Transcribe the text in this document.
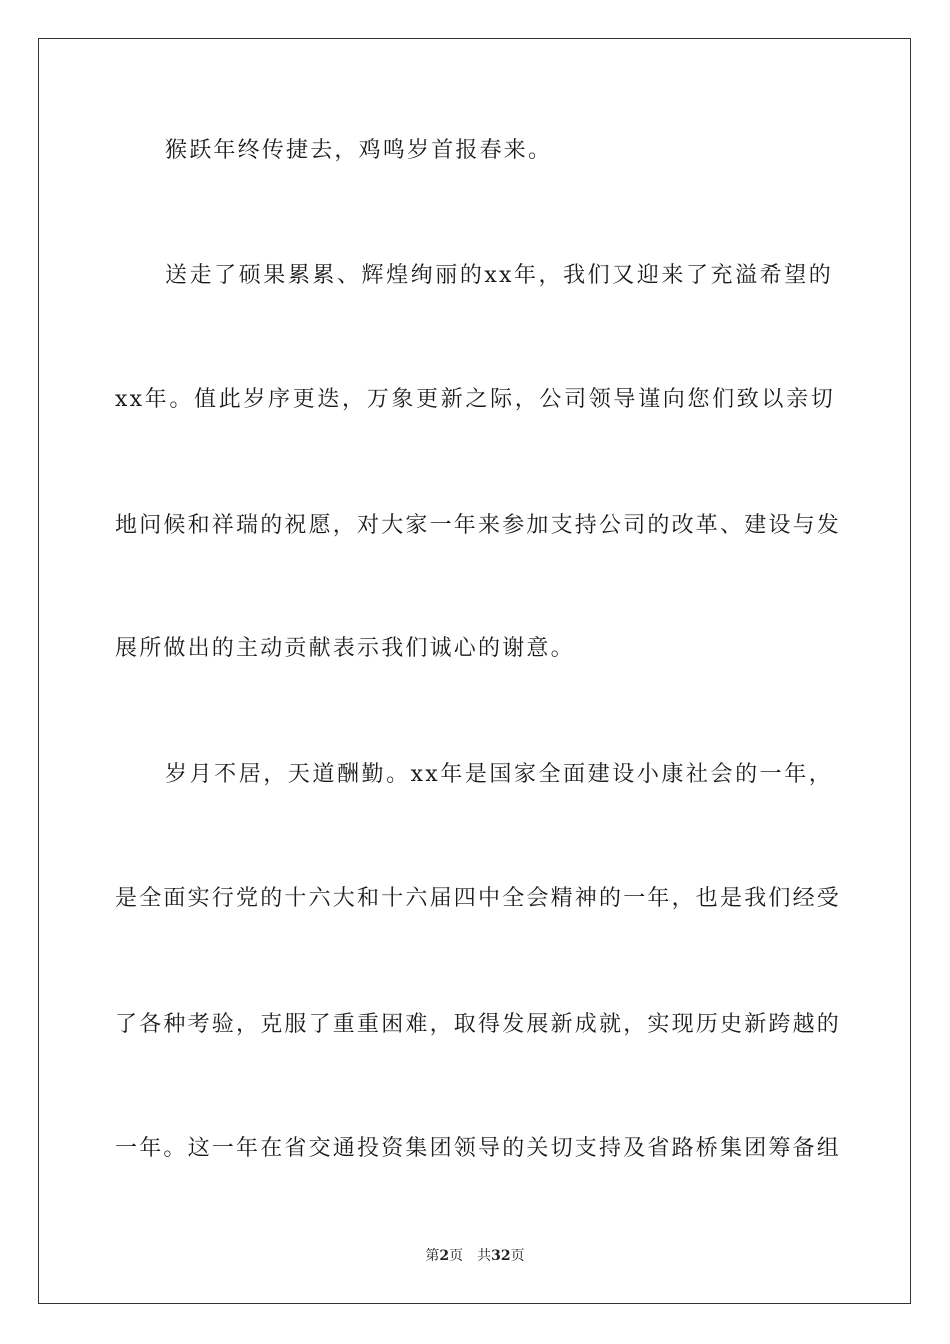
猴跃年终传捷去，鸡鸣岁首报春来。
送走了硕果累累、辉煌绚丽的xx年，我们又迎来了充溢希望的
xx年。值此岁序更迭，万象更新之际，公司领导谨向您们致以亲切
地问候和祥瑞的祝愿，对大家一年来参加支持公司的改革、建设与发
展所做出的主动贡献表示我们诚心的谢意。
岁月不居，天道酬勤。xx年是国家全面建设小康社会的一年，
是全面实行党的十六大和十六届四中全会精神的一年，也是我们经受
了各种考验，克服了重重困难，取得发展新成就，实现历史新跨越的
一年。这一年在省交通投资集团领导的关切支持及省路桥集团筹备组
第2页 共32页
